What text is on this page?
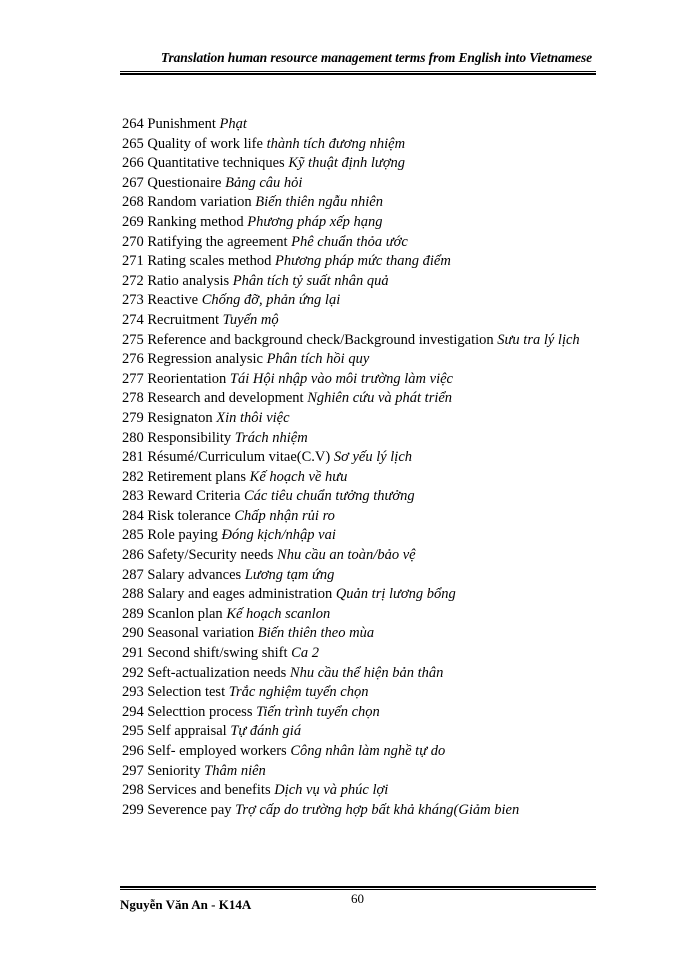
Translation human resource management terms from English into Vietnamese
264 Punishment Phạt
265 Quality of work life thành tích đương nhiệm
266 Quantitative techniques Kỹ thuật định lượng
267 Questionaire Bảng câu hỏi
268 Random variation Biến thiên ngẫu nhiên
269 Ranking method Phương pháp xếp hạng
270 Ratifying the agreement Phê chuẩn thỏa ước
271 Rating scales method Phương pháp mức thang điểm
272 Ratio analysis Phân tích tỷ suất nhân quả
273 Reactive Chống đỡ, phản ứng lại
274 Recruitment Tuyển mộ
275 Reference and background check/Background investigation Sưu tra lý lịch
276 Regression analysic Phân tích hồi quy
277 Reorientation Tái Hội nhập vào môi trường làm việc
278 Research and development Nghiên cứu và phát triển
279 Resignaton Xin thôi việc
280 Responsibility Trách nhiệm
281 Résumé/Curriculum vitae(C.V) Sơ yếu lý lịch
282 Retirement plans Kế hoạch về hưu
283 Reward Criteria Các tiêu chuẩn tưởng thưởng
284 Risk tolerance Chấp nhận rủi ro
285 Role paying Đóng kịch/nhập vai
286 Safety/Security needs Nhu cầu an toàn/bảo vệ
287 Salary advances Lương tạm ứng
288 Salary and eages administration Quản trị lương bổng
289 Scanlon plan Kế hoạch scanlon
290 Seasonal variation Biến thiên theo mùa
291 Second shift/swing shift Ca 2
292 Seft-actualization needs Nhu cầu thể hiện bản thân
293 Selection test Trắc nghiệm tuyển chọn
294 Selecttion process Tiến trình tuyển chọn
295 Self appraisal Tự đánh giá
296 Self- employed workers Công nhân làm nghề tự do
297 Seniority Thâm niên
298 Services and benefits Dịch vụ và phúc lợi
299 Severence pay Trợ cấp do trường hợp bất khả kháng(Giảm bien
Nguyễn Văn An - K14A	60
